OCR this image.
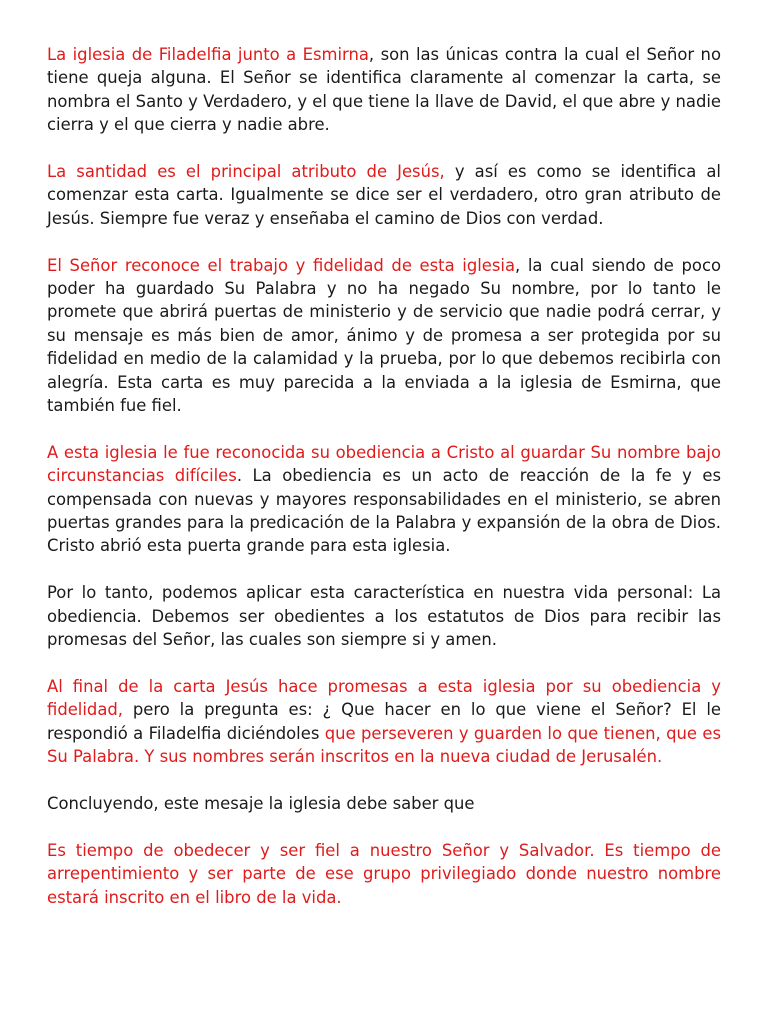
La iglesia de Filadelfia junto a Esmirna, son las únicas contra la cual el Señor no tiene queja alguna. El Señor se identifica claramente al comenzar la carta, se nombra el Santo y Verdadero, y el que tiene la llave de David, el que abre y nadie cierra y el que cierra y nadie abre.

La santidad es el principal atributo de Jesús, y así es como se identifica al comenzar esta carta. Igualmente se dice ser el verdadero, otro gran atributo de Jesús. Siempre fue veraz y enseñaba el camino de Dios con verdad.

El Señor reconoce el trabajo y fidelidad de esta iglesia, la cual siendo de poco poder ha guardado Su Palabra y no ha negado Su nombre, por lo tanto le promete que abrirá puertas de ministerio y de servicio que nadie podrá cerrar, y su mensaje es más bien de amor, ánimo y de promesa a ser protegida por su fidelidad en medio de la calamidad y la prueba, por lo que debemos recibirla con alegría. Esta carta es muy parecida a la enviada a la iglesia de Esmirna, que también fue fiel.

A esta iglesia le fue reconocida su obediencia a Cristo al guardar Su nombre bajo circunstancias difíciles. La obediencia es un acto de reacción de la fe y es compensada con nuevas y mayores responsabilidades en el ministerio, se abren puertas grandes para la predicación de la Palabra y expansión de la obra de Dios. Cristo abrió esta puerta grande para esta iglesia.

Por lo tanto, podemos aplicar esta característica en nuestra vida personal: La obediencia. Debemos ser obedientes a los estatutos de Dios para recibir las promesas del Señor, las cuales son siempre si y amen.

Al final de la carta Jesús hace promesas a esta iglesia por su obediencia y fidelidad, pero la pregunta es: ¿ Que hacer en lo que viene el Señor? El le respondió a Filadelfia diciéndoles que perseveren y guarden lo que tienen, que es Su Palabra. Y sus nombres serán inscritos en la nueva ciudad de Jerusalén.

Concluyendo, este mesaje la iglesia debe saber que

Es tiempo de obedecer y ser fiel a nuestro Señor y Salvador. Es tiempo de arrepentimiento y ser parte de ese grupo privilegiado donde nuestro nombre estará inscrito en el libro de la vida.
